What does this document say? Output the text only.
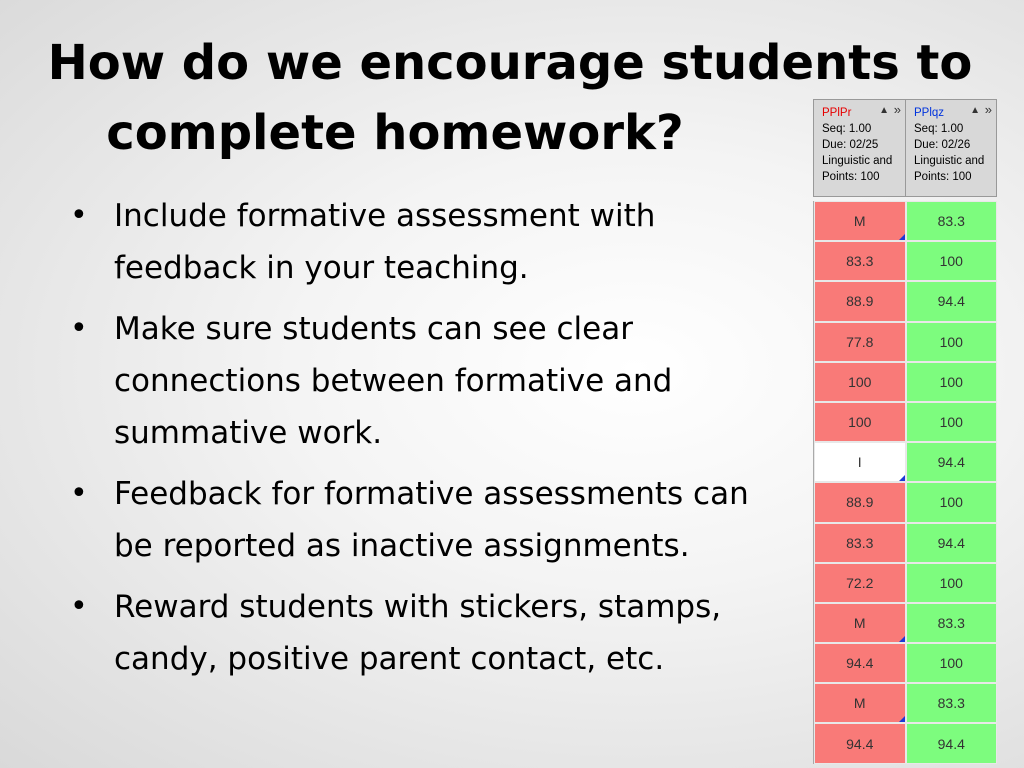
How do we encourage students to
complete homework?
• Include formative assessment with feedback in your teaching.
• Make sure students can see clear connections between formative and summative work.
• Feedback for formative assessments can be reported as inactive assignments.
• Reward students with stickers, stamps, candy, positive parent contact, etc.
PPlPr	▲︎ »
Seq: 1.00
Due: 02/25
Linguistic and
Points: 100
PPlqz	▲︎ »
Seq: 1.00
Due: 02/26
Linguistic and
Points: 100
M	83.3
83.3	100
88.9	94.4
77.8	100
100	100
100	100
I	94.4
88.9	100
83.3	94.4
72.2	100
M	83.3
94.4	100
M	83.3
94.4	94.4
